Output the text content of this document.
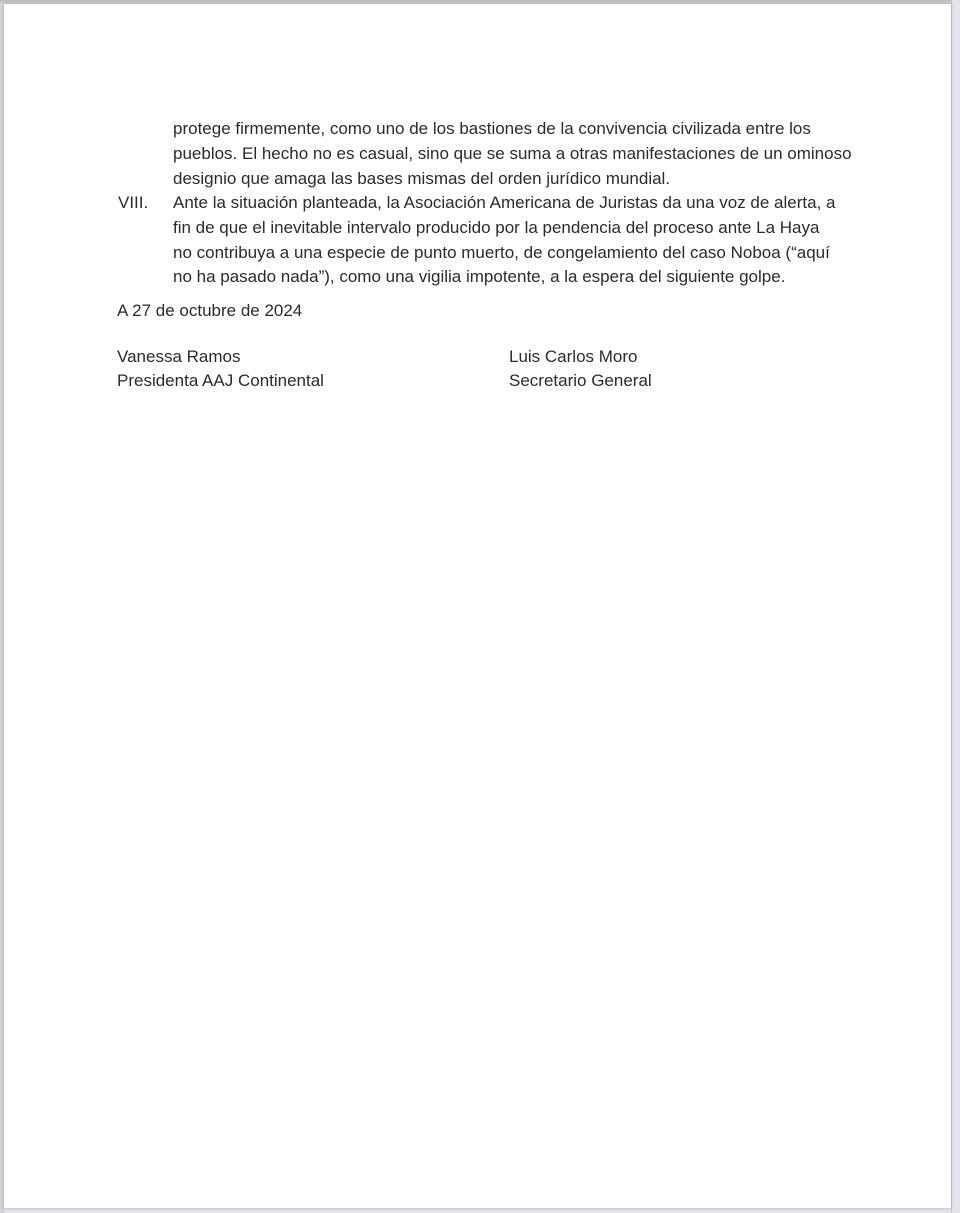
VIII.
protege firmemente, como uno de los bastiones de la convivencia civilizada entre los
pueblos. El hecho no es casual, sino que se suma a otras manifestaciones de un ominoso
designio que amaga las bases mismas del orden jurídico mundial.
Ante la situación planteada, la Asociación Americana de Juristas da una voz de alerta, a
fin de que el inevitable intervalo producido por la pendencia del proceso ante La Haya
no contribuya a una especie de punto muerto, de congelamiento del caso Noboa (“aquí
no ha pasado nada”), como una vigilia impotente, a la espera del siguiente golpe.
A 27 de octubre de 2024
Vanessa Ramos
Presidenta AAJ Continental
Luis Carlos Moro
Secretario General
